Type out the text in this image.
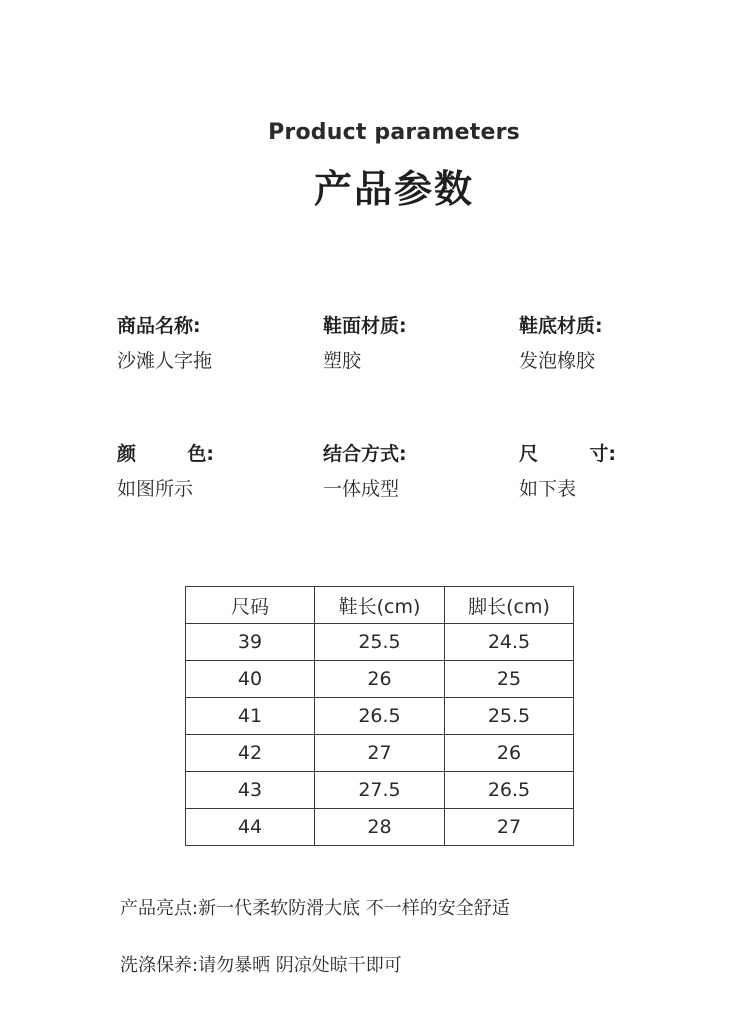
Product parameters
产品参数
商品名称:
沙滩人字拖
鞋面材质:
塑胶
鞋底材质:
发泡橡胶
颜	色:
如图所示
结合方式:
一体成型
尺	寸:
如下表
尺码	鞋长(cm)	脚长(cm)
39	25.5	24.5
40	26	25
41	26.5	25.5
42	27	26
43	27.5	26.5
44	28	27
产品亮点:新一代柔软防滑大底 不一样的安全舒适
洗涤保养:请勿暴晒 阴凉处晾干即可
